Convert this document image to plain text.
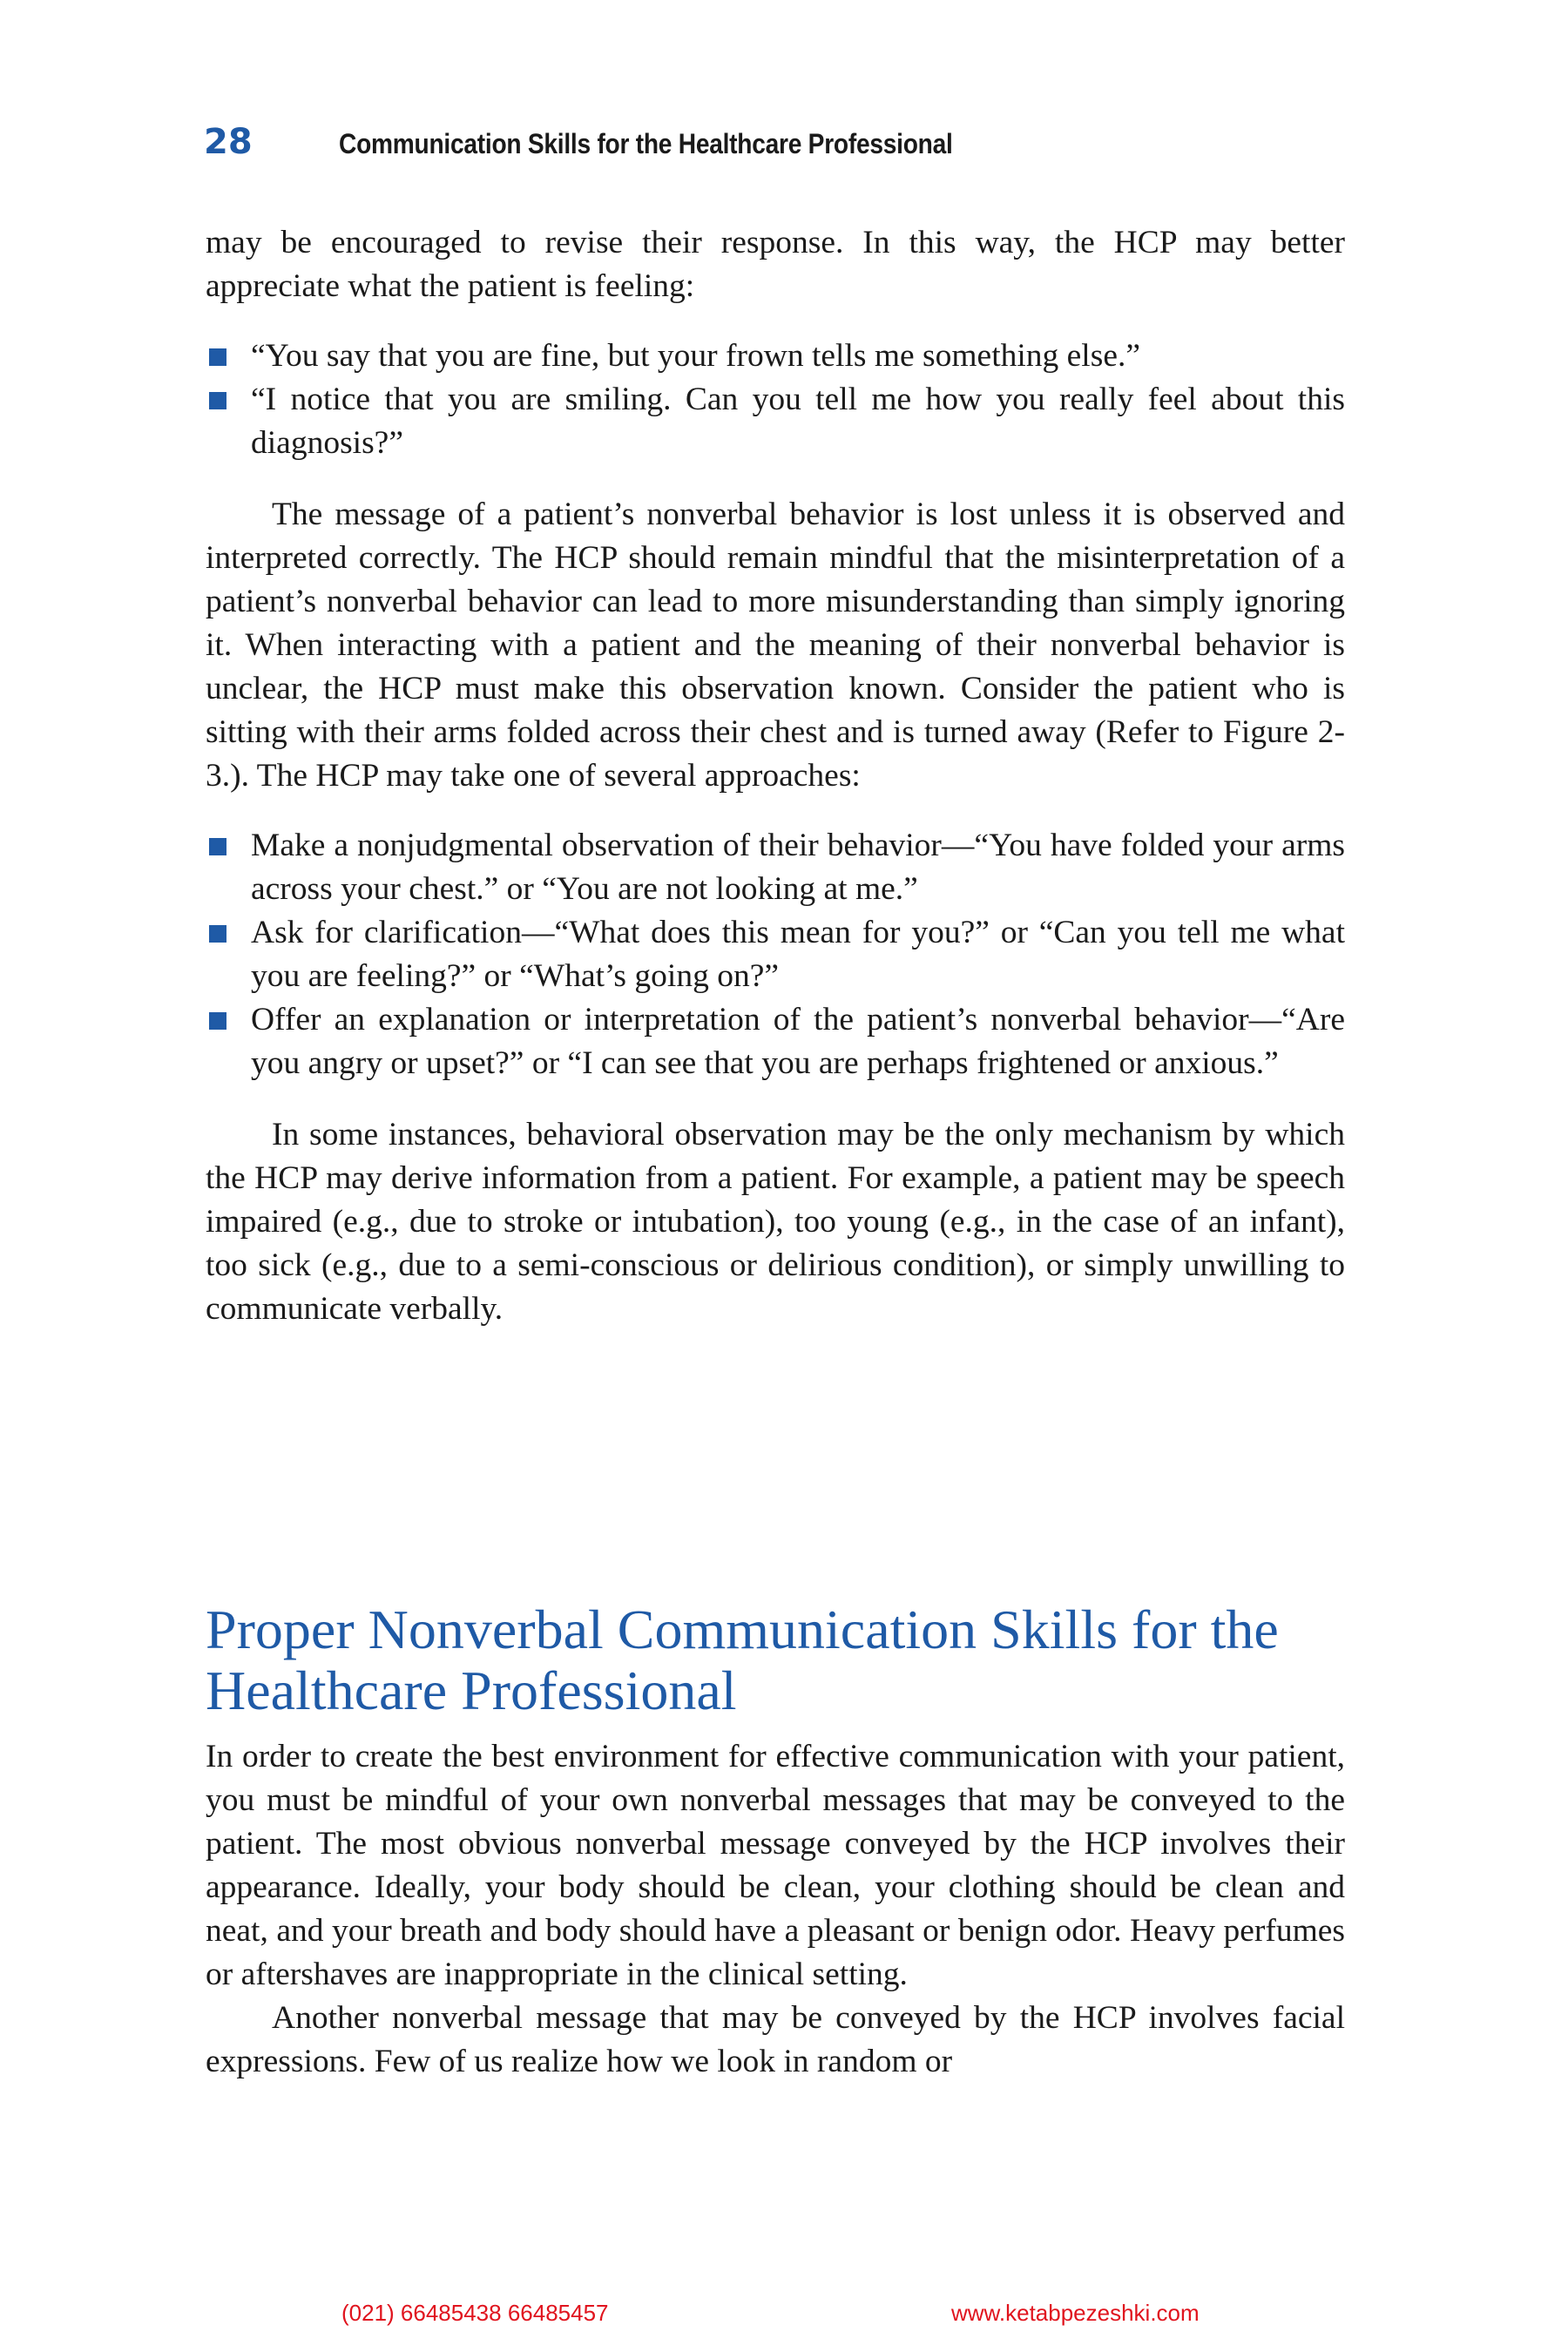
28	Communication Skills for the Healthcare Professional

may be encouraged to revise their response. In this way, the HCP may better appreciate what the patient is feeling:

“You say that you are fine, but your frown tells me something else.”
“I notice that you are smiling. Can you tell me how you really feel about this diagnosis?”

The message of a patient’s nonverbal behavior is lost unless it is observed and interpreted correctly. The HCP should remain mindful that the misinterpretation of a patient’s nonverbal behavior can lead to more misunderstanding than simply ignoring it. When interacting with a patient and the meaning of their nonverbal behavior is unclear, the HCP must make this observation known. Consider the patient who is sitting with their arms folded across their chest and is turned away (Refer to Figure 2-3.). The HCP may take one of several approaches:

Make a nonjudgmental observation of their behavior—“You have folded your arms across your chest.” or “You are not looking at me.”
Ask for clarification—“What does this mean for you?” or “Can you tell me what you are feeling?” or “What’s going on?”
Offer an explanation or interpretation of the patient’s nonverbal behavior—“Are you angry or upset?” or “I can see that you are perhaps frightened or anxious.”

In some instances, behavioral observation may be the only mechanism by which the HCP may derive information from a patient. For example, a patient may be speech impaired (e.g., due to stroke or intubation), too young (e.g., in the case of an infant), too sick (e.g., due to a semi-conscious or delirious condition), or simply unwilling to communicate verbally.

Proper Nonverbal Communication Skills for the Healthcare Professional

In order to create the best environment for effective communication with your patient, you must be mindful of your own nonverbal messages that may be conveyed to the patient. The most obvious nonverbal message conveyed by the HCP involves their appearance. Ideally, your body should be clean, your clothing should be clean and neat, and your breath and body should have a pleasant or benign odor. Heavy perfumes or aftershaves are inappropriate in the clinical setting.

Another nonverbal message that may be conveyed by the HCP involves facial expressions. Few of us realize how we look in random or

(021) 66485438 66485457	www.ketabpezeshki.com
